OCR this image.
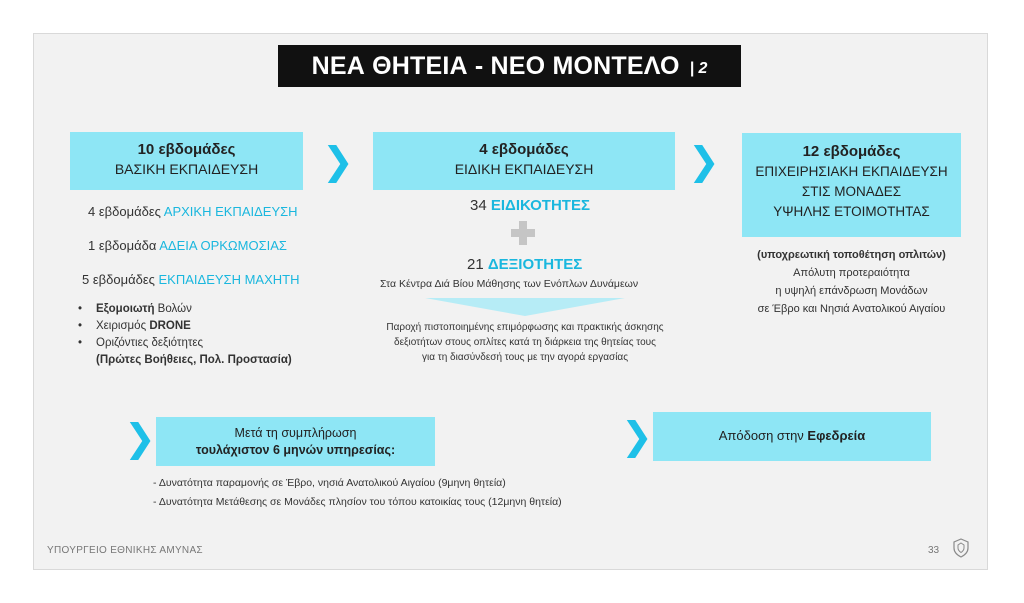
ΝΕΑ ΘΗΤΕΙΑ - ΝΕΟ ΜΟΝΤΕΛΟ | 2
10 εβδομάδες
ΒΑΣΙΚΗ ΕΚΠΑΙΔΕΥΣΗ
4 εβδομάδες ΑΡΧΙΚΗ ΕΚΠΑΙΔΕΥΣΗ
1 εβδομάδα ΑΔΕΙΑ ΟΡΚΩΜΟΣΙΑΣ
5 εβδομάδες ΕΚΠΑΙΔΕΥΣΗ ΜΑΧΗΤΗ
•	Εξομοιωτή Βολών
•	Χειρισμός DRONE
•	Οριζόντιες δεξιότητες
(Πρώτες Βοήθειες, Πολ. Προστασία)
❯	❯
4 εβδομάδες
ΕΙΔΙΚΗ ΕΚΠΑΙΔΕΥΣΗ
34 ΕΙΔΙΚΟΤΗΤΕΣ
21 ΔΕΞΙΟΤΗΤΕΣ
Στα Κέντρα Διά Βίου Μάθησης των Ενόπλων Δυνάμεων
Παροχή πιστοποιημένης επιμόρφωσης και πρακτικής άσκησης
δεξιοτήτων στους οπλίτες κατά τη διάρκεια της θητείας τους
για τη διασύνδεσή τους με την αγορά εργασίας
12 εβδομάδες
ΕΠΙΧΕΙΡΗΣΙΑΚΗ ΕΚΠΑΙΔΕΥΣΗ
ΣΤΙΣ ΜΟΝΑΔΕΣ
ΥΨΗΛΗΣ ΕΤΟΙΜΟΤΗΤΑΣ
(υποχρεωτική τοποθέτηση οπλιτών)
Απόλυτη προτεραιότητα
η υψηλή επάνδρωση Μονάδων
σε Έβρο και Νησιά Ανατολικού Αιγαίου
❯	Μετά τη συμπλήρωση
τουλάχιστον 6 μηνών υπηρεσίας:
- Δυνατότητα παραμονής σε Έβρο, νησιά Ανατολικού Αιγαίου (9μηνη θητεία)
- Δυνατότητα Μετάθεσης σε Μονάδες πλησίον του τόπου κατοικίας τους (12μηνη θητεία)
❯	Απόδοση στην Εφεδρεία
ΥΠΟΥΡΓΕΙΟ ΕΘΝΙΚΗΣ ΑΜΥΝΑΣ	33
